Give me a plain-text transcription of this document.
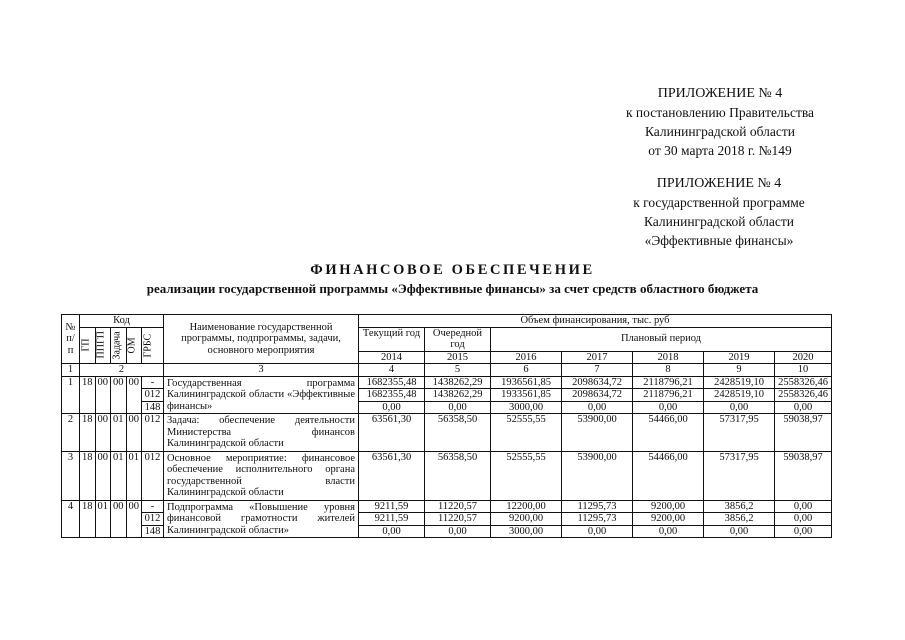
ПРИЛОЖЕНИЕ № 4
к постановлению Правительства
Калининградской области
от 30 марта 2018 г. №149
ПРИЛОЖЕНИЕ № 4
к государственной программе
Калининградской области
«Эффективные финансы»
ФИНАНСОВОЕ ОБЕСПЕЧЕНИЕ
реализации государственной программы «Эффективные финансы» за счет средств областного бюджета
№ п/п	Код					Наименование государственной программы, подпрограммы, задачи, основного мероприятия	Объем финансирования, тыс. руб						
	ГП	ППГП	Задача	ОМ	ГРБС		Текущий год	Очередной год	Плановый период				
							2014	2015	2016	2017	2018	2019	2020
1	2					3	4	5	6	7	8	9	10
1	18	00	00	00	-	Государственная программа Калининградской области «Эффективные финансы»	1682355,48	1438262,29	1936561,85	2098634,72	2118796,21	2428519,10	2558326,46
					012		1682355,48	1438262,29	1933561,85	2098634,72	2118796,21	2428519,10	2558326,46
					148		0,00	0,00	3000,00	0,00	0,00	0,00	0,00
2	18	00	01	00	012	Задача: обеспечение деятельности Министерства финансов Калининградской области	63561,30	56358,50	52555,55	53900,00	54466,00	57317,95	59038,97
3	18	00	01	01	012	Основное мероприятие: финансовое обеспечение исполнительного органа государственной власти Калининградской области	63561,30	56358,50	52555,55	53900,00	54466,00	57317,95	59038,97
4	18	01	00	00	-	Подпрограмма «Повышение уровня финансовой грамотности жителей Калининградской области»	9211,59	11220,57	12200,00	11295,73	9200,00	3856,2	0,00
					012		9211,59	11220,57	9200,00	11295,73	9200,00	3856,2	0,00
					148		0,00	0,00	3000,00	0,00	0,00	0,00	0,00
